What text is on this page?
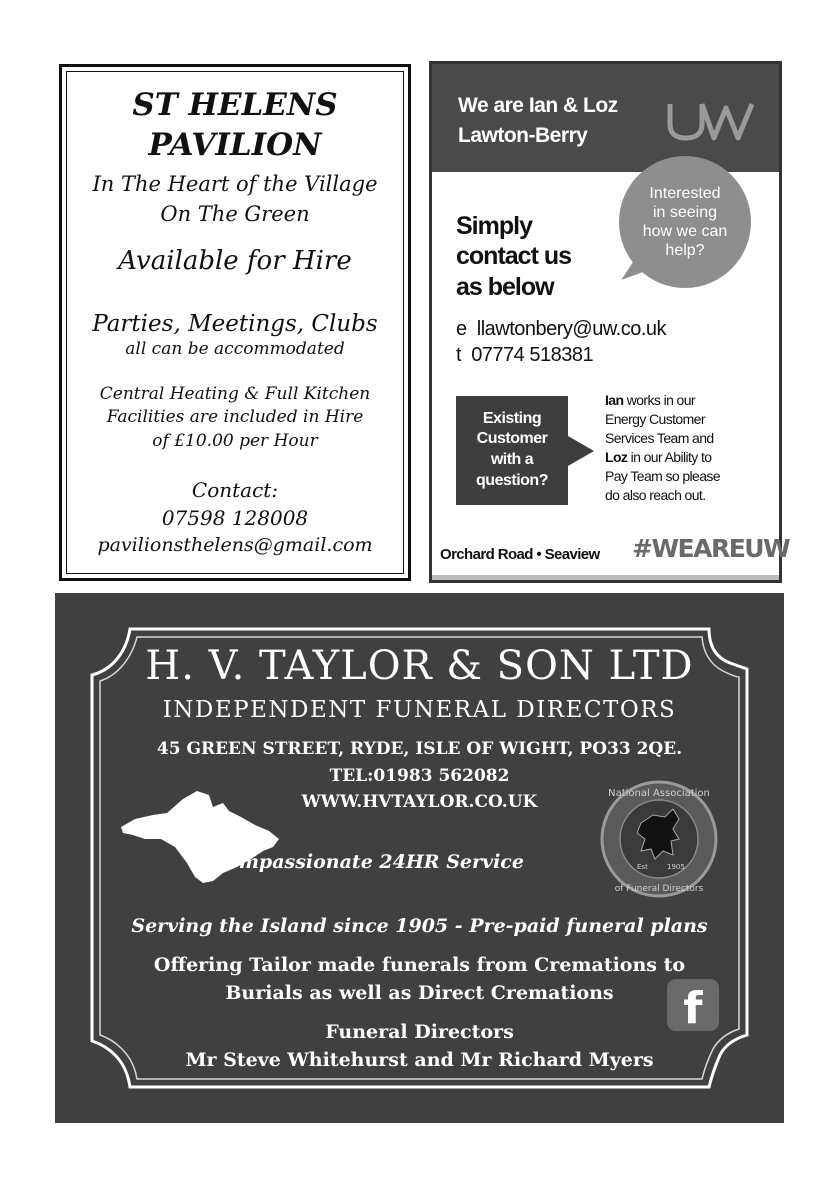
ST HELENS
PAVILION
In The Heart of the Village
On The Green
Available for Hire
Parties, Meetings, Clubs
all can be accommodated
Central Heating & Full Kitchen
Facilities are included in Hire
of £10.00 per Hour
Contact:
07598 128008
pavilionsthelens@gmail.com
We are Ian & Loz
Lawton-Berry
Interested
in seeing
how we can
help?
Simply
contact us
as below
e llawtonbery@uw.co.uk
t 07774 518381
Existing
Customer
with a
question?
Ian works in our
Energy Customer
Services Team and
Loz in our Ability to
Pay Team so please
do also reach out.
Orchard Road • Seaview #WEAREUW
H. V. TAYLOR & SON LTD
INDEPENDENT FUNERAL DIRECTORS
45 GREEN STREET, RYDE, ISLE OF WIGHT, PO33 2QE.
TEL:01983 562082
WWW.HVTAYLOR.CO.UK
Compassionate 24HR Service
National Association
of Funeral Directors
Est	1905
Serving the Island since 1905 - Pre-paid funeral plans
Offering Tailor made funerals from Cremations to
Burials as well as Direct Cremations
Funeral Directors
Mr Steve Whitehurst and Mr Richard Myers
f
